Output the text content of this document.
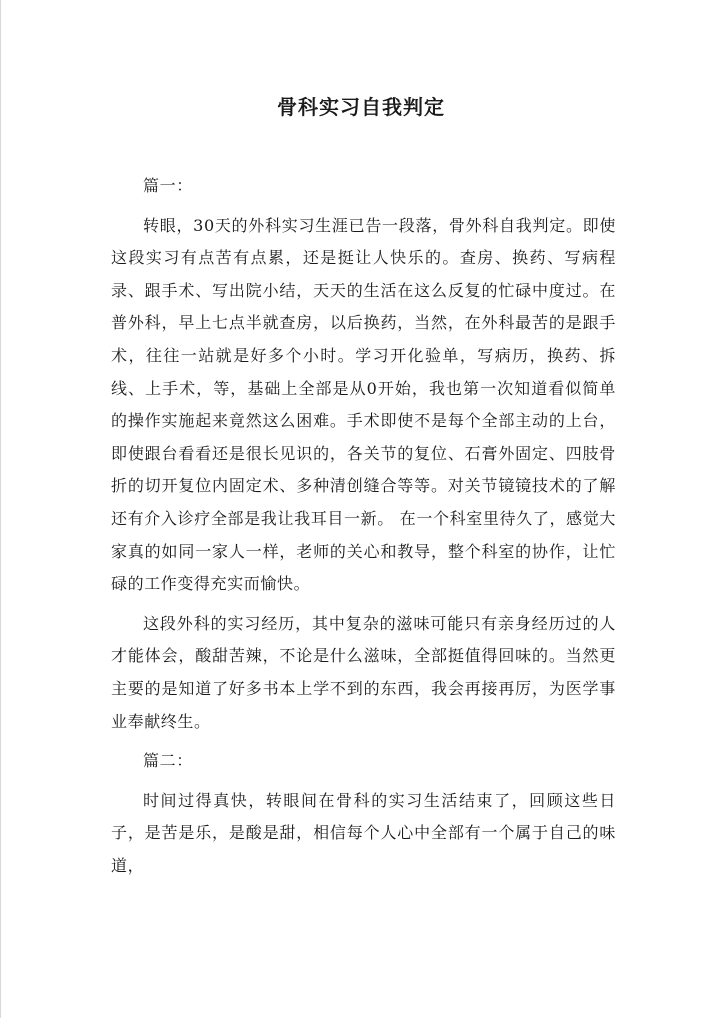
骨科实习自我判定
篇一：

转眼，30天的外科实习生涯已告一段落，骨外科自我判定。即使这段实习有点苦有点累，还是挺让人快乐的。查房、换药、写病程录、跟手术、写出院小结，天天的生活在这么反复的忙碌中度过。在普外科，早上七点半就查房，以后换药，当然，在外科最苦的是跟手术，往往一站就是好多个小时。学习开化验单，写病历，换药、拆线、上手术，等，基础上全部是从0开始，我也第一次知道看似简单的操作实施起来竟然这么困难。手术即使不是每个全部主动的上台，即使跟台看看还是很长见识的，各关节的复位、石膏外固定、四肢骨折的切开复位内固定术、多种清创缝合等等。对关节镜镜技术的了解还有介入诊疗全部是我让我耳目一新。 在一个科室里待久了，感觉大家真的如同一家人一样，老师的关心和教导，整个科室的协作，让忙碌的工作变得充实而愉快。

这段外科的实习经历，其中复杂的滋味可能只有亲身经历过的人才能体会，酸甜苦辣，不论是什么滋味，全部挺值得回味的。当然更主要的是知道了好多书本上学不到的东西，我会再接再厉，为医学事业奉献终生。

篇二：

时间过得真快，转眼间在骨科的实习生活结束了，回顾这些日子，是苦是乐，是酸是甜，相信每个人心中全部有一个属于自己的味道，
